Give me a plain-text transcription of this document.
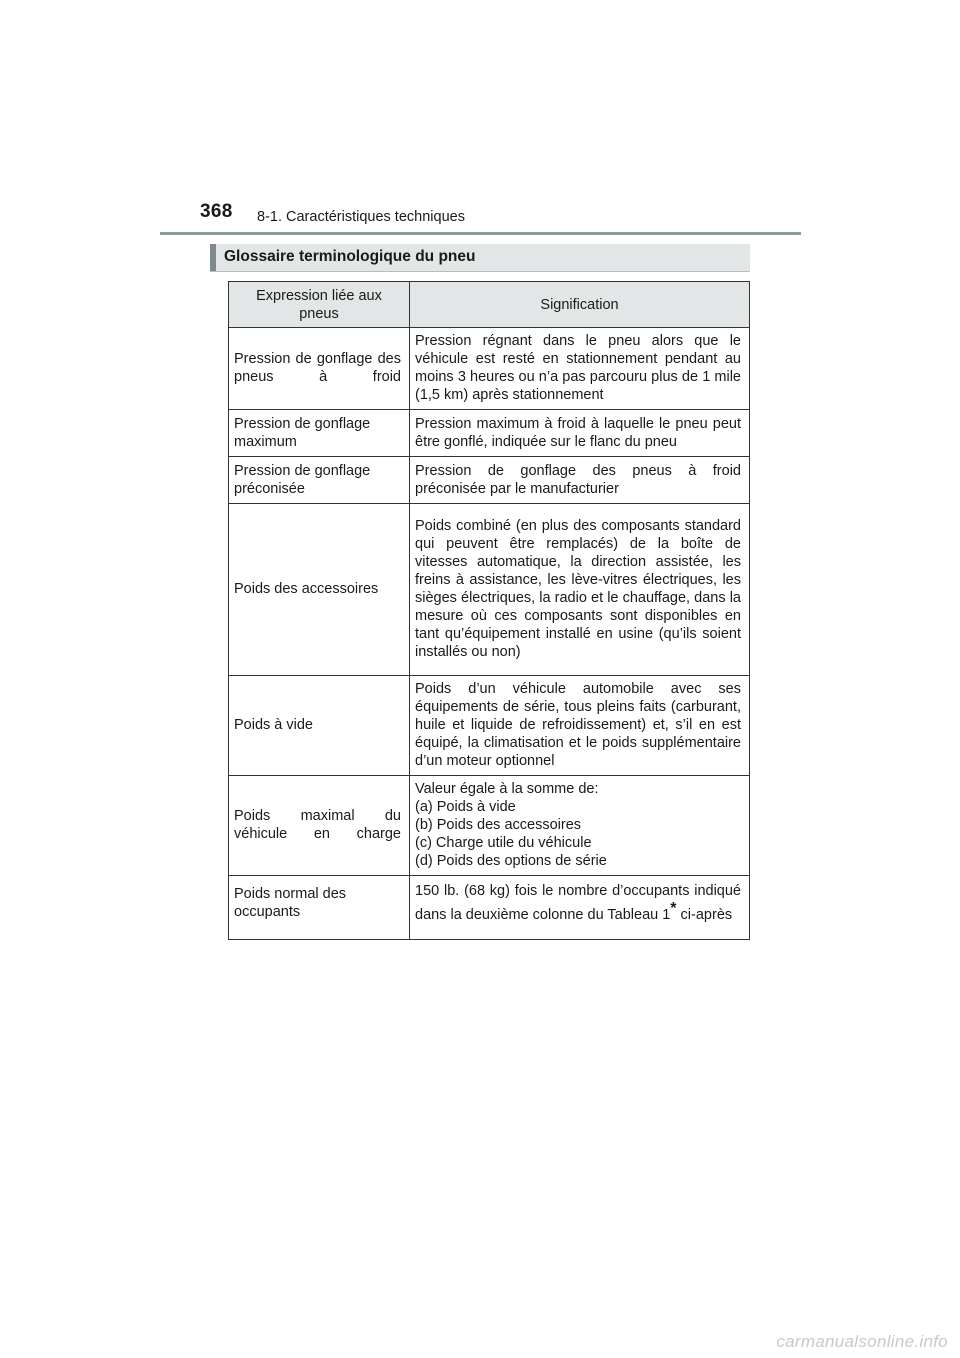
368 8-1. Caractéristiques techniques
Glossaire terminologique du pneu
Expression liée aux pneus	Signification
Pression de gonflage des pneus à froid	Pression régnant dans le pneu alors que le véhicule est resté en stationnement pendant au moins 3 heures ou n’a pas parcouru plus de 1 mile (1,5 km) après stationnement
Pression de gonflage maximum	Pression maximum à froid à laquelle le pneu peut être gonflé, indiquée sur le flanc du pneu
Pression de gonflage préconisée	Pression de gonflage des pneus à froid préconisée par le manufacturier
Poids des accessoires	Poids combiné (en plus des composants standard qui peuvent être remplacés) de la boîte de vitesses automatique, la direction assistée, les freins à assistance, les lève-vitres électriques, les sièges électriques, la radio et le chauffage, dans la mesure où ces composants sont disponibles en tant qu’équipement installé en usine (qu’ils soient installés ou non)
Poids à vide	Poids d’un véhicule automobile avec ses équipements de série, tous pleins faits (carburant, huile et liquide de refroidissement) et, s’il en est équipé, la climatisation et le poids supplémentaire d’un moteur optionnel
Poids maximal du véhicule en charge	Valeur égale à la somme de:
(a) Poids à vide
(b) Poids des accessoires
(c) Charge utile du véhicule
(d) Poids des options de série

Poids normal des occupants	150 lb. (68 kg) fois le nombre d’occupants indiqué dans la deuxième colonne du Tableau 1* ci-après
carmanualsonline.info
